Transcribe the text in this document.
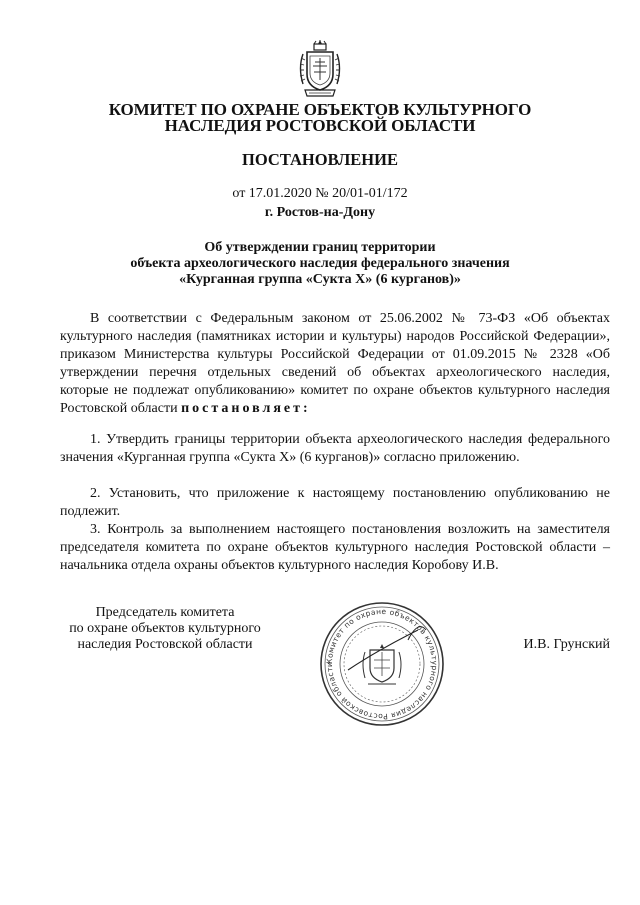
КОМИТЕТ ПО ОХРАНЕ ОБЪЕКТОВ КУЛЬТУРНОГО
НАСЛЕДИЯ РОСТОВСКОЙ ОБЛАСТИ
ПОСТАНОВЛЕНИЕ
от 17.01.2020 № 20/01-01/172
г. Ростов-на-Дону
Об утверждении границ территории
объекта археологического наследия федерального значения
«Курганная группа «Сукта X» (6 курганов)»

В соответствии с Федеральным законом от 25.06.2002 № 73-ФЗ «Об объектах культурного наследия (памятниках истории и культуры) народов Российской Федерации», приказом Министерства культуры Российской Федерации от 01.09.2015 № 2328 «Об утверждении перечня отдельных сведений об объектах археологического наследия, которые не подлежат опубликованию» комитет по охране объектов культурного наследия Ростовской области постановляет:

1. Утвердить границы территории объекта археологического наследия федерального значения «Курганная группа «Сукта X» (6 курганов)» согласно приложению.

2. Установить, что приложение к настоящему постановлению опубликованию не подлежит.

3. Контроль за выполнением настоящего постановления возложить на заместителя председателя комитета по охране объектов культурного наследия Ростовской области – начальника отдела охраны объектов культурного наследия Коробову И.В.

Председатель комитета
по охране объектов культурного
наследия Ростовской области
Комитет по охране объектов культурного наследия Ростовской области
И.В. Грунский
